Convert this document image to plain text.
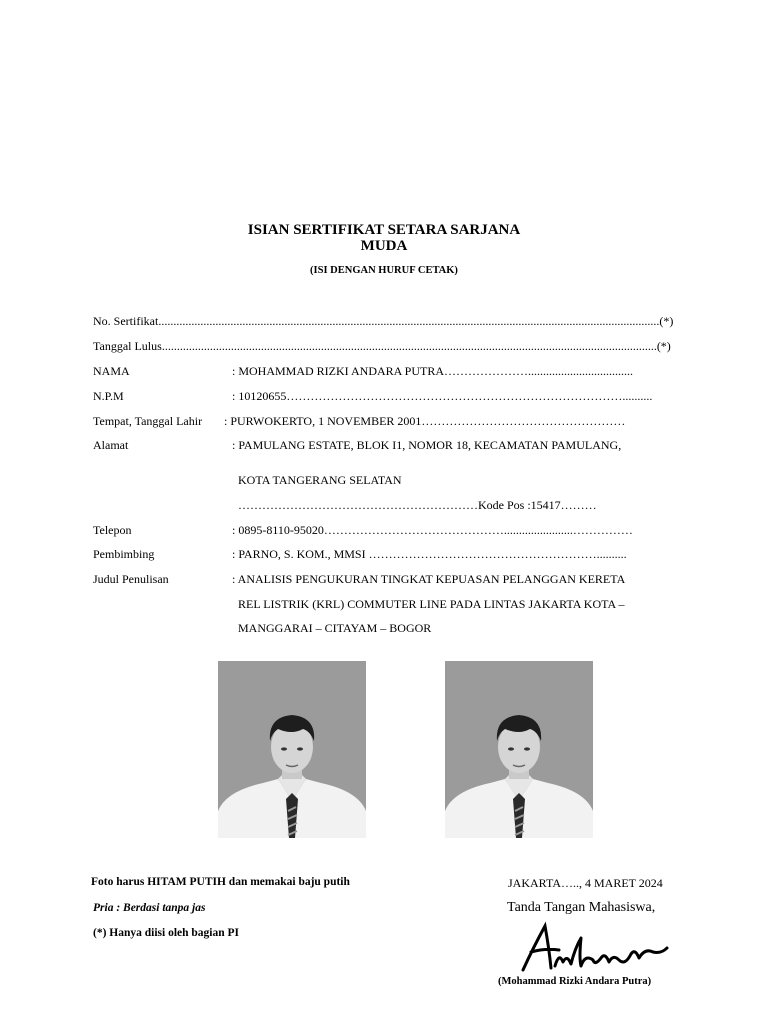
ISIAN SERTIFIKAT SETARA SARJANA
MUDA
(ISI DENGAN HURUF CETAK)
No. Sertifikat.......................................................................................................................................................................(*)
Tanggal Lulus.....................................................................................................................................................................(*)
NAMA	: MOHAMMAD RIZKI ANDARA PUTRA…………………...................................
N.P.M	: 10120655…………………………………………………………………………..........
Tempat, Tanggal Lahir : PURWOKERTO, 1 NOVEMBER 2001……………………………………………
Alamat	: PAMULANG ESTATE, BLOK I1, NOMOR 18, KECAMATAN PAMULANG,
KOTA TANGERANG SELATAN
……………………………………………………Kode Pos :15417………
Telepon	: 0895-8110-95020……………………………………….......................……………
Pembimbing	: PARNO, S. KOM., MMSI …………………………………………………..........
Judul Penulisan	: ANALISIS PENGUKURAN TINGKAT KEPUASAN PELANGGAN KERETA
REL LISTRIK (KRL) COMMUTER LINE PADA LINTAS JAKARTA KOTA –
MANGGARAI – CITAYAM – BOGOR
Foto harus HITAM PUTIH dan memakai baju putih
Pria : Berdasi tanpa jas
(*) Hanya diisi oleh bagian PI
JAKARTA….., 4 MARET 2024
Tanda Tangan Mahasiswa,
(Mohammad Rizki Andara Putra)
